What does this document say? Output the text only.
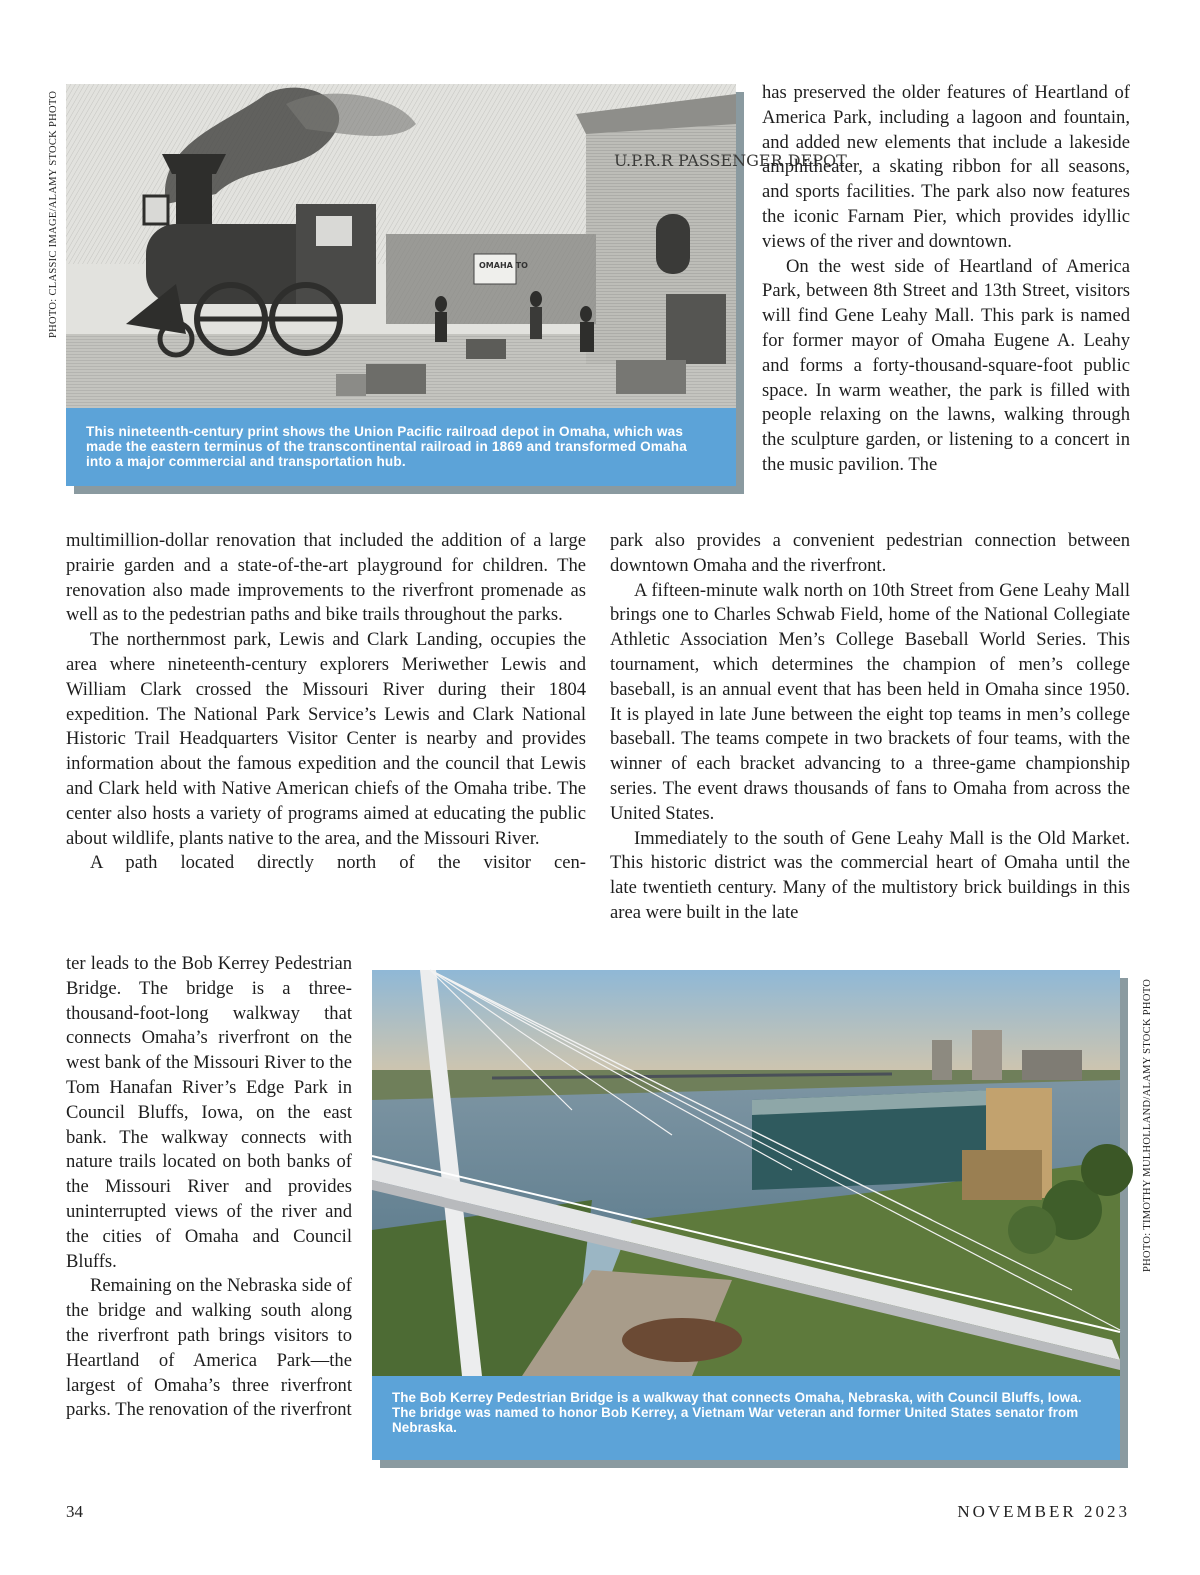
PHOTO: CLASSIC IMAGE/ALAMY STOCK PHOTO
PHOTO: TIMOTHY MULHOLLAND/ALAMY STOCK PHOTO
U.P.R.R PASSENGER DEPOT
OMAHA TO
This nineteenth-century print shows the Union Pacific railroad depot in Omaha, which was made the eastern terminus of the transcontinental railroad in 1869 and transformed Omaha into a major commercial and transportation hub.

has preserved the older features of Heartland of America Park, including a lagoon and fountain, and added new elements that include a lakeside amphitheater, a skating ribbon for all seasons, and sports facilities. The park also now features the iconic Farnam Pier, which provides idyllic views of the river and downtown.

On the west side of Heartland of America Park, between 8th Street and 13th Street, visitors will find Gene Leahy Mall. This park is named for former mayor of Omaha Eugene A. Leahy and forms a forty-thousand-square-foot public space. In warm weather, the park is filled with people relaxing on the lawns, walking through the sculpture garden, or listening to a concert in the music pavilion. The

multimillion-dollar renovation that included the addition of a large prairie garden and a state-of-the-art playground for children. The renovation also made improvements to the riverfront promenade as well as to the pedestrian paths and bike trails throughout the parks.

The northernmost park, Lewis and Clark Landing, occupies the area where nineteenth-century explorers Meriwether Lewis and William Clark crossed the Missouri River during their 1804 expedition. The National Park Service’s Lewis and Clark National Historic Trail Headquarters Visitor Center is nearby and provides information about the famous expedition and the council that Lewis and Clark held with Native American chiefs of the Omaha tribe. The center also hosts a variety of programs aimed at educating the public about wildlife, plants native to the area, and the Missouri River.

A path located directly north of the visitor cen-

park also provides a convenient pedestrian connection between downtown Omaha and the riverfront.

A fifteen-minute walk north on 10th Street from Gene Leahy Mall brings one to Charles Schwab Field, home of the National Collegiate Athletic Association Men’s College Baseball World Series. This tournament, which determines the champion of men’s college baseball, is an annual event that has been held in Omaha since 1950. It is played in late June between the eight top teams in men’s college baseball. The teams compete in two brackets of four teams, with the winner of each bracket advancing to a three-game championship series. The event draws thousands of fans to Omaha from across the United States.

Immediately to the south of Gene Leahy Mall is the Old Market. This historic district was the commercial heart of Omaha until the late twentieth century. Many of the multistory brick buildings in this area were built in the late

ter leads to the Bob Kerrey Pedestrian Bridge. The bridge is a three-thousand-foot-long walkway that connects Omaha’s riverfront on the west bank of the Missouri River to the Tom Hanafan River’s Edge Park in Council Bluffs, Iowa, on the east bank. The walkway connects with nature trails located on both banks of the Missouri River and provides uninterrupted views of the river and the cities of Omaha and Council Bluffs.

Remaining on the Nebraska side of the bridge and walking south along the riverfront path brings visitors to Heartland of America Park—the largest of Omaha’s three riverfront parks. The renovation of the riverfront

The Bob Kerrey Pedestrian Bridge is a walkway that connects Omaha, Nebraska, with Council Bluffs, Iowa. The bridge was named to honor Bob Kerrey, a Vietnam War veteran and former United States senator from Nebraska.
34	NOVEMBER 2023
